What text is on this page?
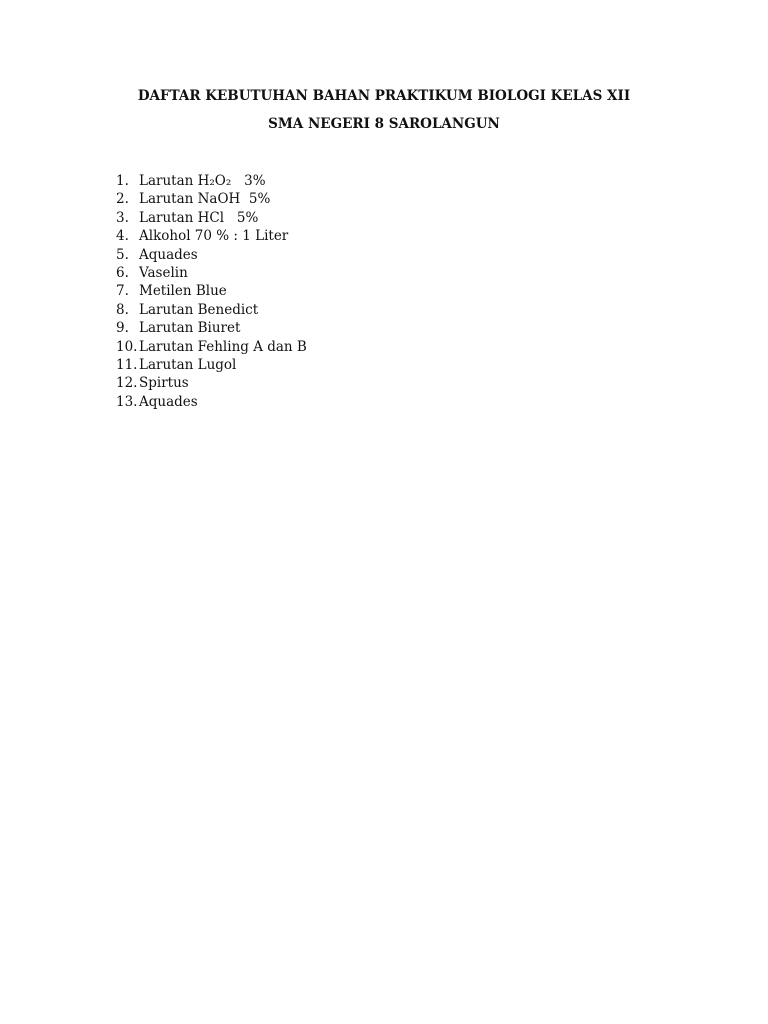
DAFTAR KEBUTUHAN BAHAN PRAKTIKUM BIOLOGI KELAS XII
SMA NEGERI 8 SAROLANGUN
1. Larutan H₂O₂   3%
2. Larutan NaOH  5%
3. Larutan HCl   5%
4. Alkohol 70 % : 1 Liter
5. Aquades
6. Vaselin
7. Metilen Blue
8. Larutan Benedict
9. Larutan Biuret
10. Larutan Fehling A dan B
11. Larutan Lugol
12. Spirtus
13. Aquades
